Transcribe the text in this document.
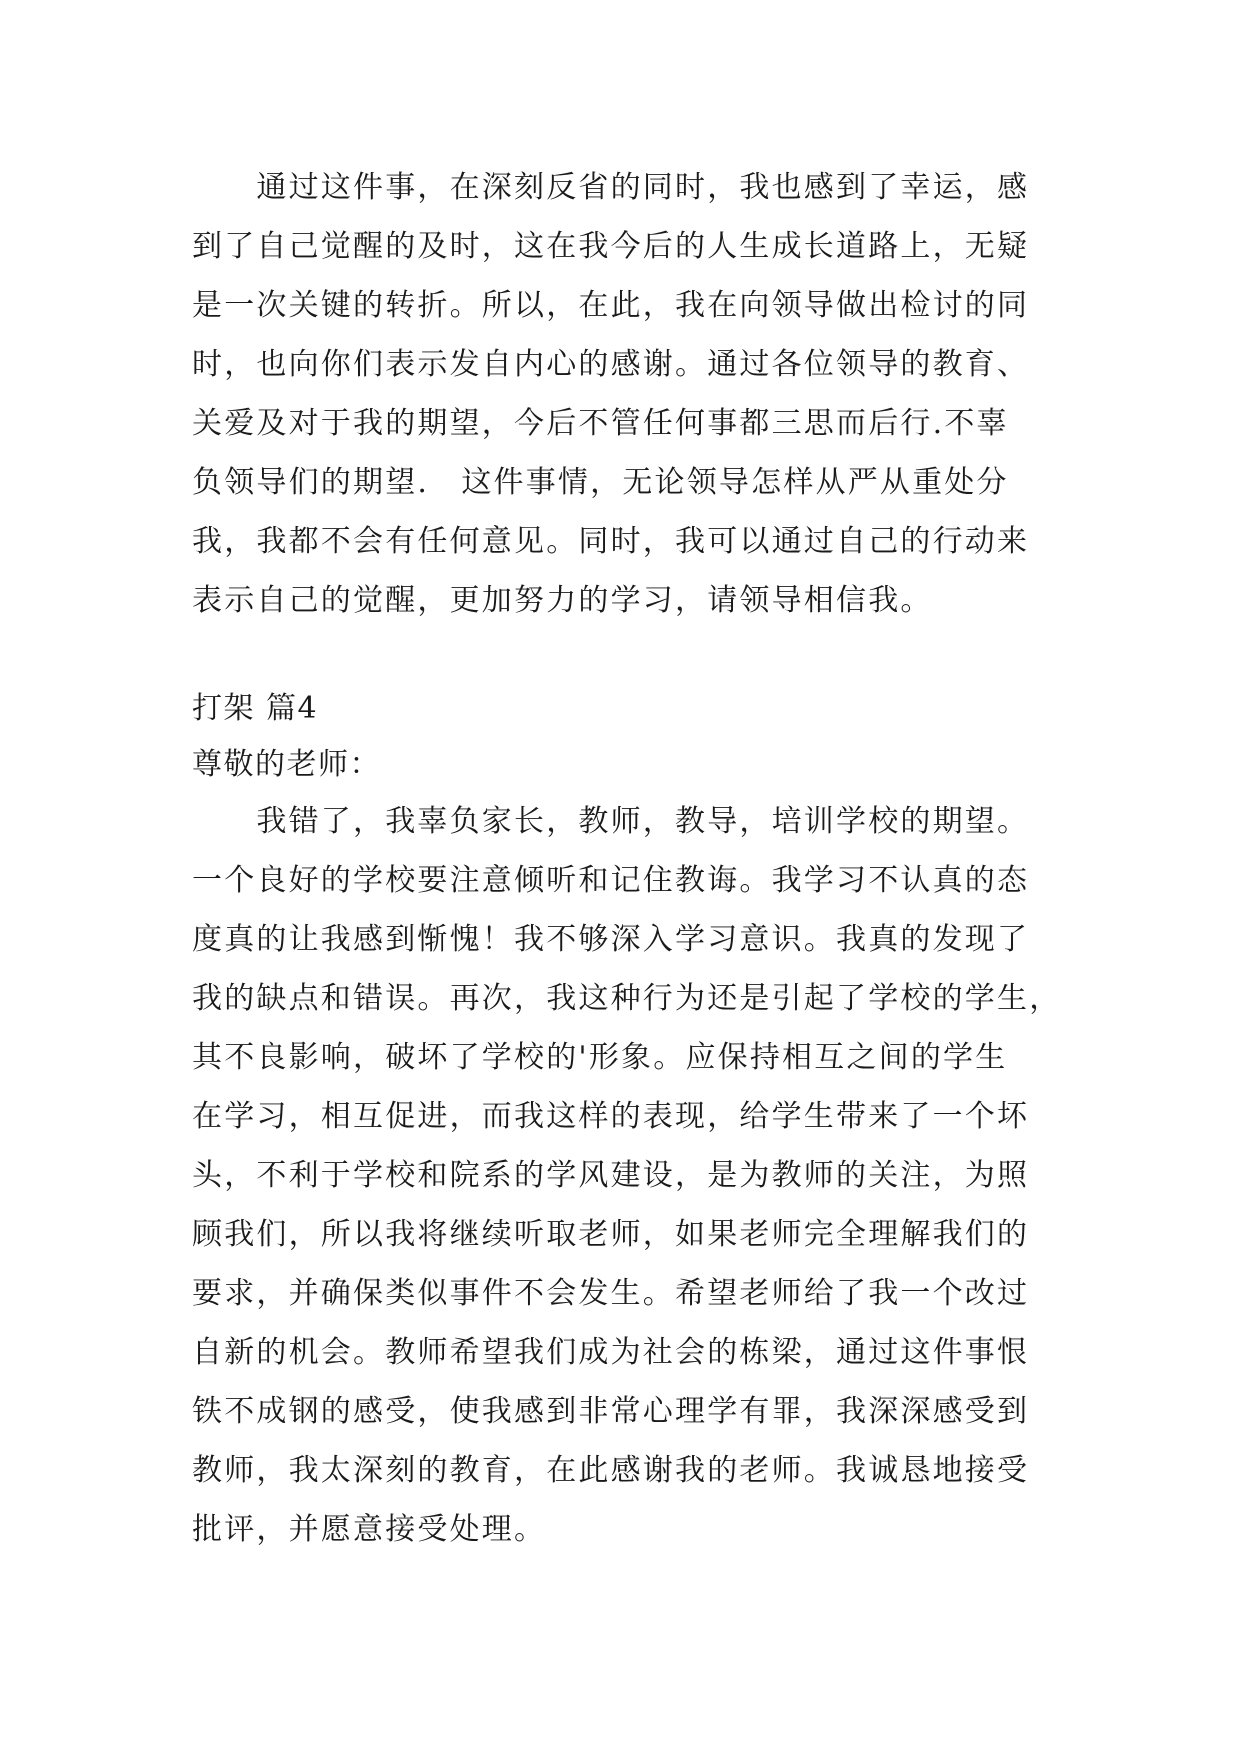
　　通过这件事，在深刻反省的同时，我也感到了幸运，感
到了自己觉醒的及时，这在我今后的人生成长道路上，无疑
是一次关键的转折。所以，在此，我在向领导做出检讨的同
时，也向你们表示发自内心的感谢。通过各位领导的教育、
关爱及对于我的期望，今后不管任何事都三思而后行.不辜
负领导们的期望.　这件事情，无论领导怎样从严从重处分
我，我都不会有任何意见。同时，我可以通过自己的行动来
表示自己的觉醒，更加努力的学习，请领导相信我。
打架 篇4
尊敬的老师：
　　我错了，我辜负家长，教师，教导，培训学校的期望。
一个良好的学校要注意倾听和记住教诲。我学习不认真的态
度真的让我感到惭愧！我不够深入学习意识。我真的发现了
我的缺点和错误。再次，我这种行为还是引起了学校的学生，
其不良影响，破坏了学校的'形象。应保持相互之间的学生
在学习，相互促进，而我这样的表现，给学生带来了一个坏
头，不利于学校和院系的学风建设，是为教师的关注，为照
顾我们，所以我将继续听取老师，如果老师完全理解我们的
要求，并确保类似事件不会发生。希望老师给了我一个改过
自新的机会。教师希望我们成为社会的栋梁，通过这件事恨
铁不成钢的感受，使我感到非常心理学有罪，我深深感受到
教师，我太深刻的教育，在此感谢我的老师。我诚恳地接受
批评，并愿意接受处理。
